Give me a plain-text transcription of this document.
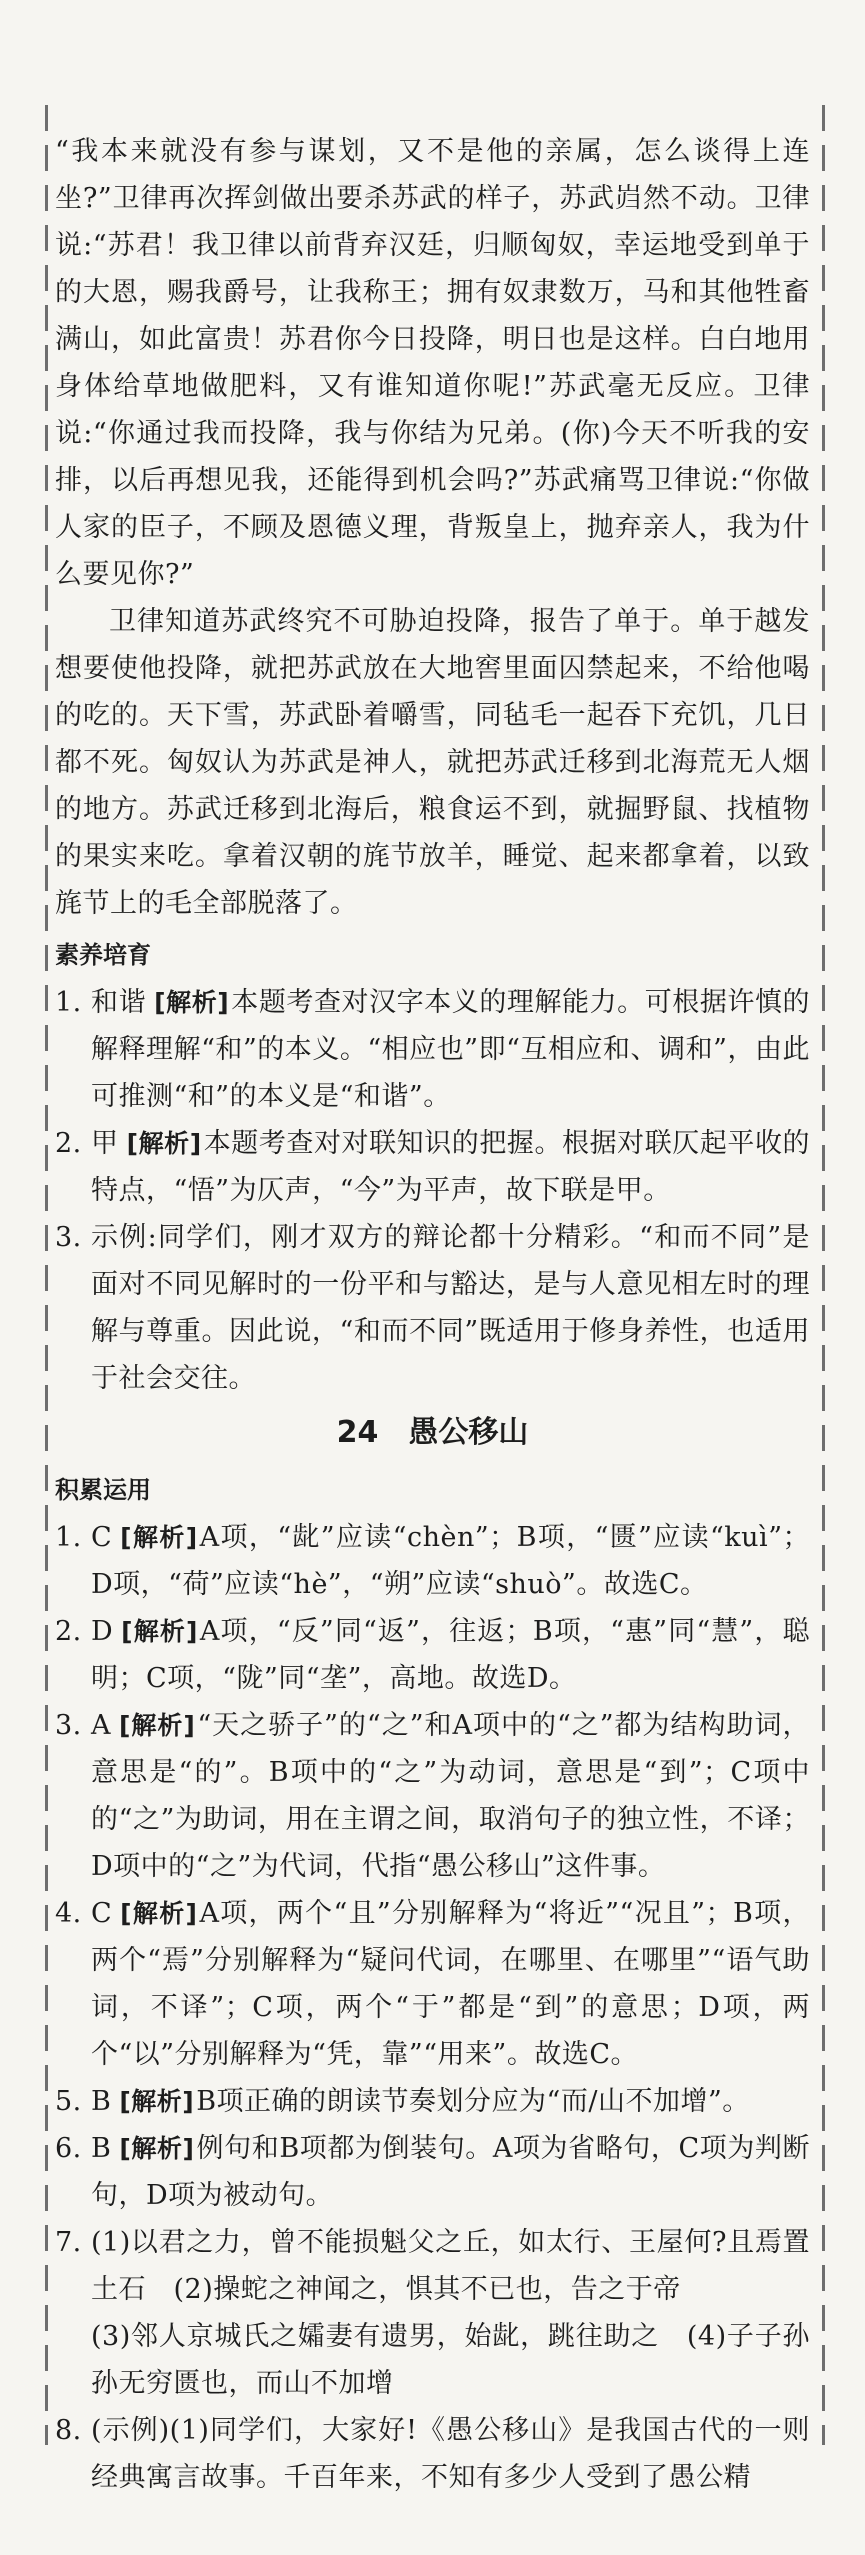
“我本来就没有参与谋划，又不是他的亲属，怎么谈得上连坐?”卫律再次挥剑做出要杀苏武的样子，苏武岿然不动。卫律说:“苏君！我卫律以前背弃汉廷，归顺匈奴，幸运地受到单于的大恩，赐我爵号，让我称王；拥有奴隶数万，马和其他牲畜满山，如此富贵！苏君你今日投降，明日也是这样。白白地用身体给草地做肥料，又有谁知道你呢!”苏武毫无反应。卫律说:“你通过我而投降，我与你结为兄弟。(你)今天不听我的安排，以后再想见我，还能得到机会吗?”苏武痛骂卫律说:“你做人家的臣子，不顾及恩德义理，背叛皇上，抛弃亲人，我为什么要见你?”

卫律知道苏武终究不可胁迫投降，报告了单于。单于越发想要使他投降，就把苏武放在大地窖里面囚禁起来，不给他喝的吃的。天下雪，苏武卧着嚼雪，同毡毛一起吞下充饥，几日都不死。匈奴认为苏武是神人，就把苏武迁移到北海荒无人烟的地方。苏武迁移到北海后，粮食运不到，就掘野鼠、找植物的果实来吃。拿着汉朝的旄节放羊，睡觉、起来都拿着，以致旄节上的毛全部脱落了。

素养培育
1. 和谐 [解析]本题考查对汉字本义的理解能力。可根据许慎的解释理解“和”的本义。“相应也”即“互相应和、调和”，由此可推测“和”的本义是“和谐”。
2. 甲 [解析]本题考查对对联知识的把握。根据对联仄起平收的特点，“悟”为仄声，“今”为平声，故下联是甲。
3. 示例:同学们，刚才双方的辩论都十分精彩。“和而不同”是面对不同见解时的一份平和与豁达，是与人意见相左时的理解与尊重。因此说，“和而不同”既适用于修身养性，也适用于社会交往。
24　愚公移山
积累运用
1. C [解析]A项，“龀”应读“chèn”；B项，“匮”应读“kuì”；D项，“荷”应读“hè”，“朔”应读“shuò”。故选C。
2. D [解析]A项，“反”同“返”，往返；B项，“惠”同“慧”，聪明；C项，“陇”同“垄”，高地。故选D。
3. A [解析]“天之骄子”的“之”和A项中的“之”都为结构助词，意思是“的”。B项中的“之”为动词，意思是“到”；C项中的“之”为助词，用在主谓之间，取消句子的独立性，不译；D项中的“之”为代词，代指“愚公移山”这件事。
4. C [解析]A项，两个“且”分别解释为“将近”“况且”；B项，两个“焉”分别解释为“疑问代词，在哪里、在哪里”“语气助词，不译”；C项，两个“于”都是“到”的意思；D项，两个“以”分别解释为“凭，靠”“用来”。故选C。
5. B [解析]B项正确的朗读节奏划分应为“而/山不加增”。
6. B [解析]例句和B项都为倒装句。A项为省略句，C项为判断句，D项为被动句。
7. (1)以君之力，曾不能损魁父之丘，如太行、王屋何?且焉置土石　(2)操蛇之神闻之，惧其不已也，告之于帝
(3)邻人京城氏之孀妻有遗男，始龀，跳往助之　(4)子子孙孙无穷匮也，而山不加增
8. (示例)(1)同学们，大家好!《愚公移山》是我国古代的一则经典寓言故事。千百年来，不知有多少人受到了愚公精
